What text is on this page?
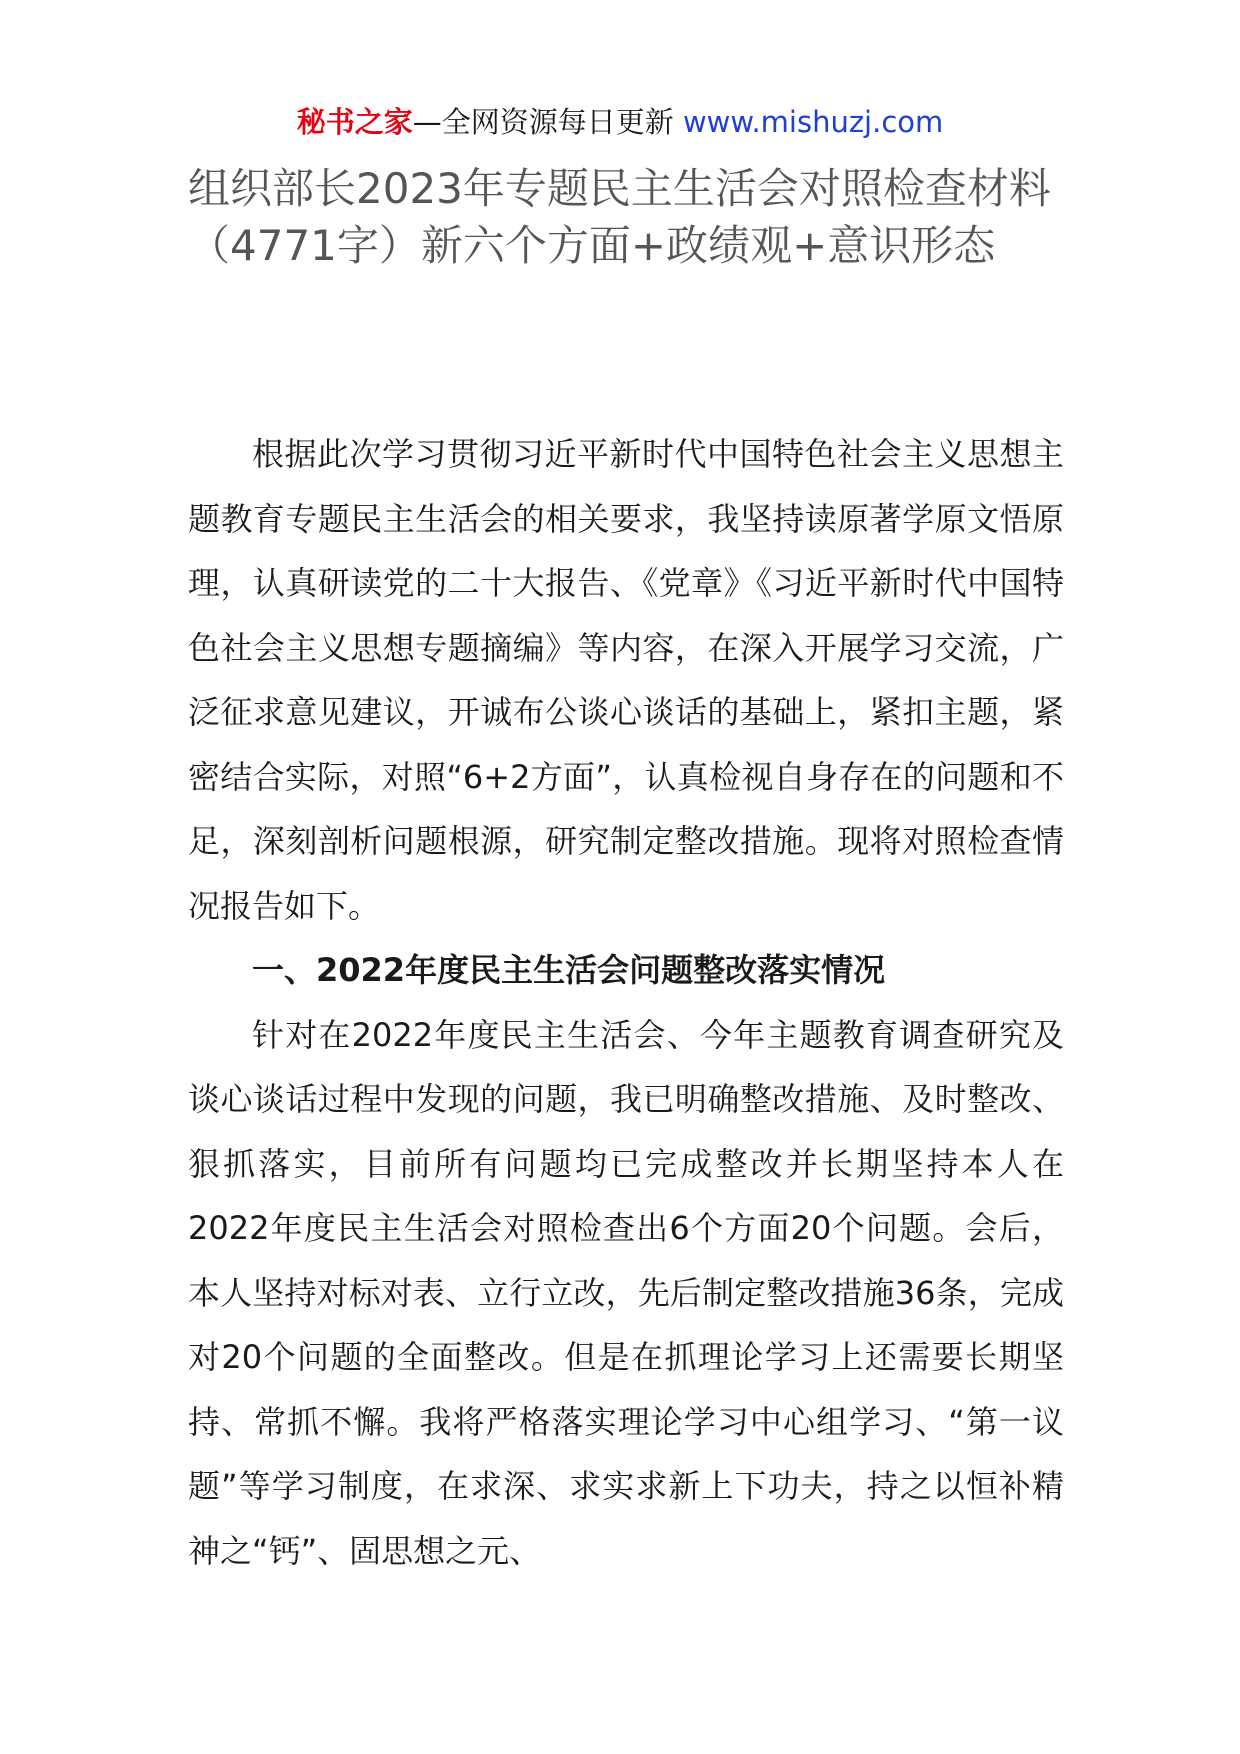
秘书之家—全网资源每日更新 www.mishuzj.com
组织部长2023年专题民主生活会对照检查材料（4771字）新六个方面+政绩观+意识形态

根据此次学习贯彻习近平新时代中国特色社会主义思想主题教育专题民主生活会的相关要求，我坚持读原著学原文悟原理，认真研读党的二十大报告、《党章》《习近平新时代中国特色社会主义思想专题摘编》等内容，在深入开展学习交流，广泛征求意见建议，开诚布公谈心谈话的基础上，紧扣主题，紧密结合实际，对照“6+2方面”，认真检视自身存在的问题和不足，深刻剖析问题根源，研究制定整改措施。现将对照检查情况报告如下。

一、2022年度民主生活会问题整改落实情况

针对在2022年度民主生活会、今年主题教育调查研究及谈心谈话过程中发现的问题，我已明确整改措施、及时整改、狠抓落实，目前所有问题均已完成整改并长期坚持本人在2022年度民主生活会对照检查出6个方面20个问题。会后，本人坚持对标对表、立行立改，先后制定整改措施36条，完成对20个问题的全面整改。但是在抓理论学习上还需要长期坚持、常抓不懈。我将严格落实理论学习中心组学习、“第一议题”等学习制度，在求深、求实求新上下功夫，持之以恒补精神之“钙”、固思想之元、
